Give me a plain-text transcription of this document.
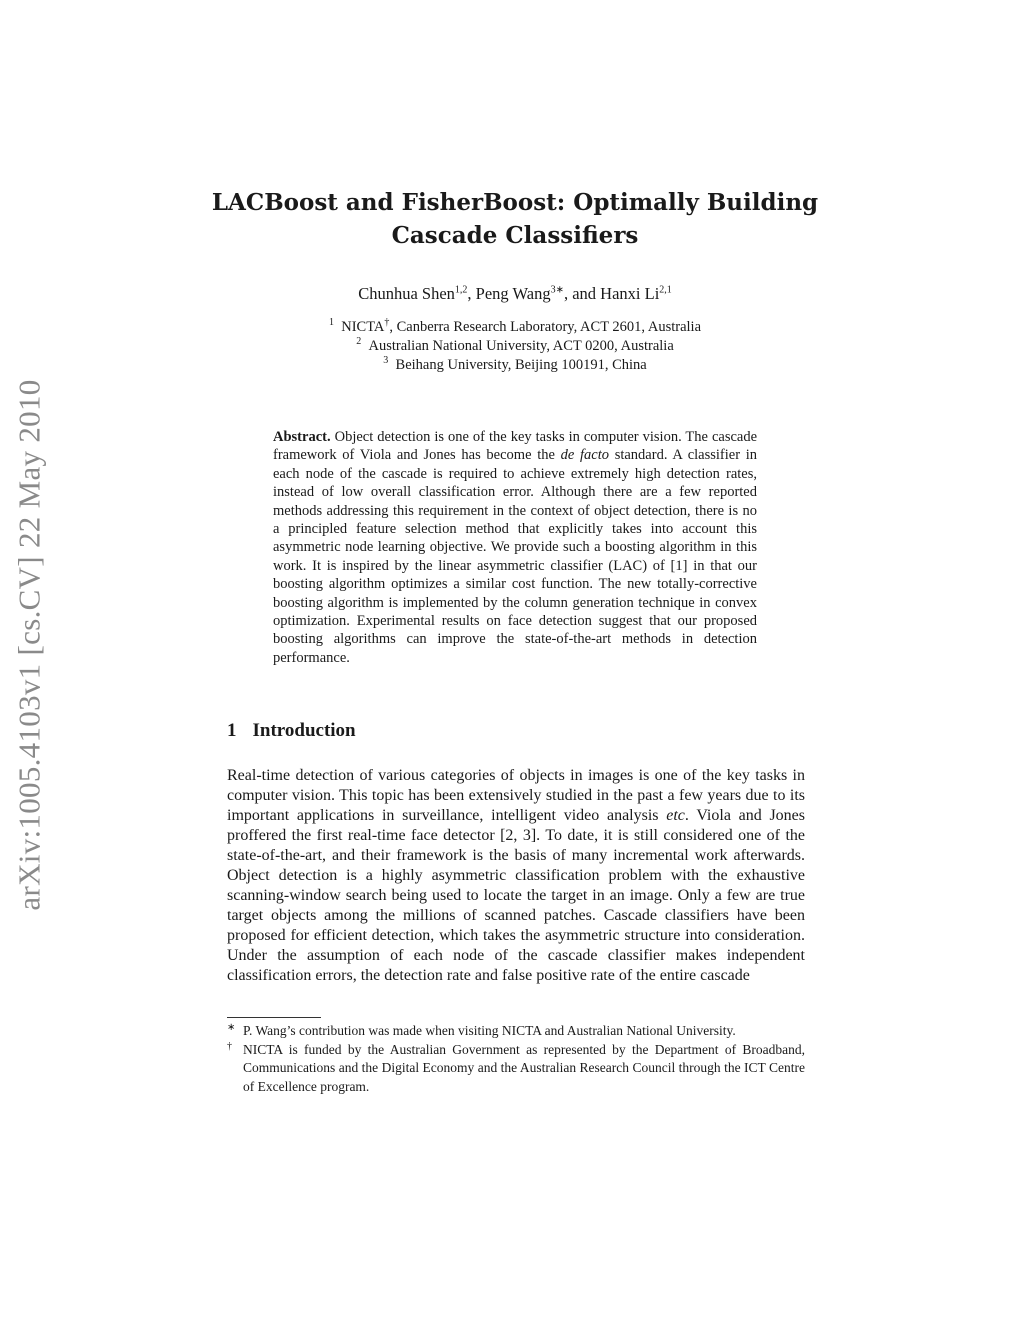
arXiv:1005.4103v1 [cs.CV] 22 May 2010
LACBoost and FisherBoost: Optimally Building
Cascade Classifiers
Chunhua Shen$^{1,2}$, Peng Wang$^{3∗}$, and Hanxi Li$^{2,1}$

$^1$ NICTA†, Canberra Research Laboratory, ACT 2601, Australia

$^2$ Australian National University, ACT 0200, Australia

$^3$ Beihang University, Beijing 100191, China

Abstract. Object detection is one of the key tasks in computer vision. The cascade framework of Viola and Jones has become the de facto standard. A classifier in each node of the cascade is required to achieve extremely high detection rates, instead of low overall classification error. Although there are a few reported methods addressing this requirement in the context of object detection, there is no a principled feature selection method that explicitly takes into account this asymmetric node learning objective. We provide such a boosting algorithm in this work. It is inspired by the linear asymmetric classifier (LAC) of [1] in that our boosting algorithm optimizes a similar cost function. The new totally-corrective boosting algorithm is implemented by the column generation technique in convex optimization. Experimental results on face detection suggest that our proposed boosting algorithms can improve the state-of-the-art methods in detection performance.

1 Introduction

Real-time detection of various categories of objects in images is one of the key tasks in computer vision. This topic has been extensively studied in the past a few years due to its important applications in surveillance, intelligent video analysis etc. Viola and Jones proffered the first real-time face detector [2, 3]. To date, it is still considered one of the state-of-the-art, and their framework is the basis of many incremental work afterwards. Object detection is a highly asymmetric classification problem with the exhaustive scanning-window search being used to locate the target in an image. Only a few are true target objects among the millions of scanned patches. Cascade classifiers have been proposed for efficient detection, which takes the asymmetric structure into consideration. Under the assumption of each node of the cascade classifier makes independent classification errors, the detection rate and false positive rate of the entire cascade

∗ P. Wang’s contribution was made when visiting NICTA and Australian National University.

† NICTA is funded by the Australian Government as represented by the Department of Broadband, Communications and the Digital Economy and the Australian Research Council through the ICT Centre of Excellence program.
